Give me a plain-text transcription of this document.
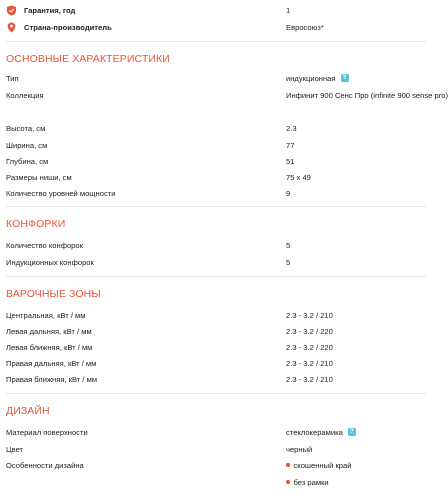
Гарантия, год	1
Страна-производитель	Евросоюз*
ОСНОВНЫЕ ХАРАКТЕРИСТИКИ
Тип	индукционная	?
Коллекция	Инфинит 900 Сенс Про (infinite 900 sense pro)
Высота, см	2.3
Ширина, см	77
Глубина, см	51
Размеры ниши, см	75 х 49
Количество уровней мощности	9
КОНФОРКИ
Количество конфорок	5
Индукционных конфорок	5
ВАРОЧНЫЕ ЗОНЫ
Центральная, кВт / мм	2.3 - 3.2 / 210
Левая дальняя, кВт / мм	2.3 - 3.2 / 220
Левая ближняя, кВт / мм	2.3 - 3.2 / 220
Правая дальняя, кВт / мм	2.3 - 3.2 / 210
Правая ближняя, кВт / мм	2.3 - 3.2 / 210
ДИЗАЙН
Материал поверхности	стеклокерамика	?
Цвет	черный
Особенности дизайна	скошенный край
без рамки
